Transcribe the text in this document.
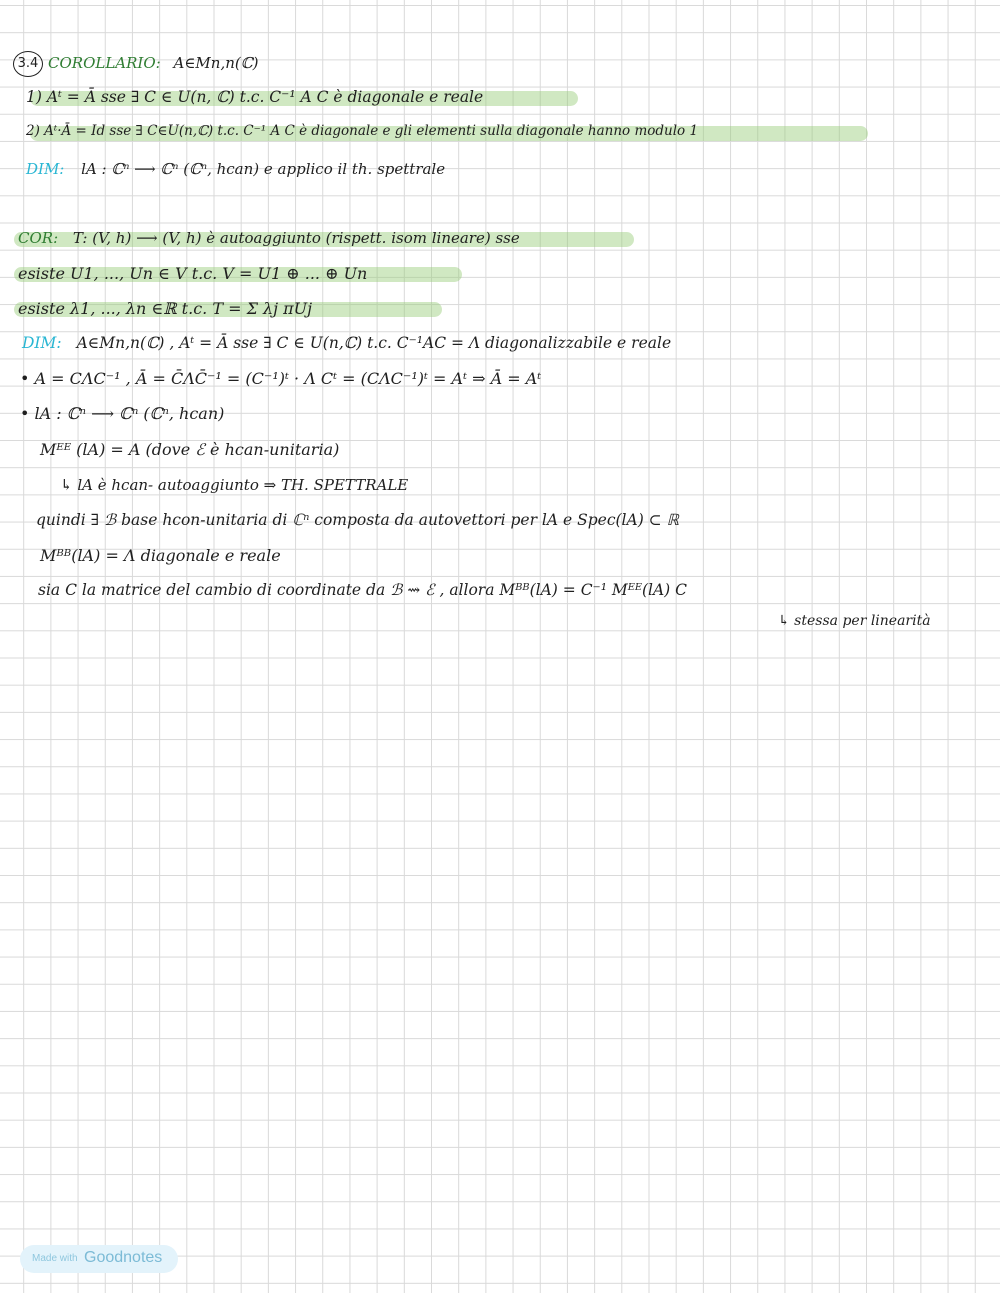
3.4 COROLLARIO: A∈Mn,n(ℂ)
1) Aᵗ = Ā sse ∃ C ∈ U(n, ℂ) t.c. C⁻¹ A C è diagonale e reale
2) Aᵗ·Ā = Id sse ∃ C∈U(n,ℂ) t.c. C⁻¹ A C è diagonale e gli elementi sulla diagonale hanno modulo 1
DIM: lA : ℂⁿ ⟶ ℂⁿ (ℂⁿ, hcan) e applico il th. spettrale
COR: T: (V, h) ⟶ (V, h) è autoaggiunto (rispett. isom lineare) sse
esiste U1, ..., Un ∈ V t.c. V = U1 ⊕ ... ⊕ Un
esiste λ1, ..., λn ∈ℝ t.c. T = Σ λj πUj
DIM: A∈Mn,n(ℂ) , Aᵗ = Ā sse ∃ C ∈ U(n,ℂ) t.c. C⁻¹AC = Λ diagonalizzabile e reale
• A = CΛC⁻¹ , Ā = C̄ΛC̄⁻¹ = (C⁻¹)ᵗ · Λ Cᵗ = (CΛC⁻¹)ᵗ = Aᵗ ⇒ Ā = Aᵗ
• lA : ℂⁿ ⟶ ℂⁿ (ℂⁿ, hcan)
Mᴱᴱ (lA) = A (dove ℰ è hcan-unitaria)
↳ lA è hcan- autoaggiunto ⇒ TH. SPETTRALE
quindi ∃ ℬ base hcon-unitaria di ℂⁿ composta da autovettori per lA e Spec(lA) ⊂ ℝ
Mᴮᴮ(lA) = Λ diagonale e reale
sia C la matrice del cambio di coordinate da ℬ ⇝ ℰ , allora Mᴮᴮ(lA) = C⁻¹ Mᴱᴱ(lA) C
↳ stessa per linearità
Made with Goodnotes
